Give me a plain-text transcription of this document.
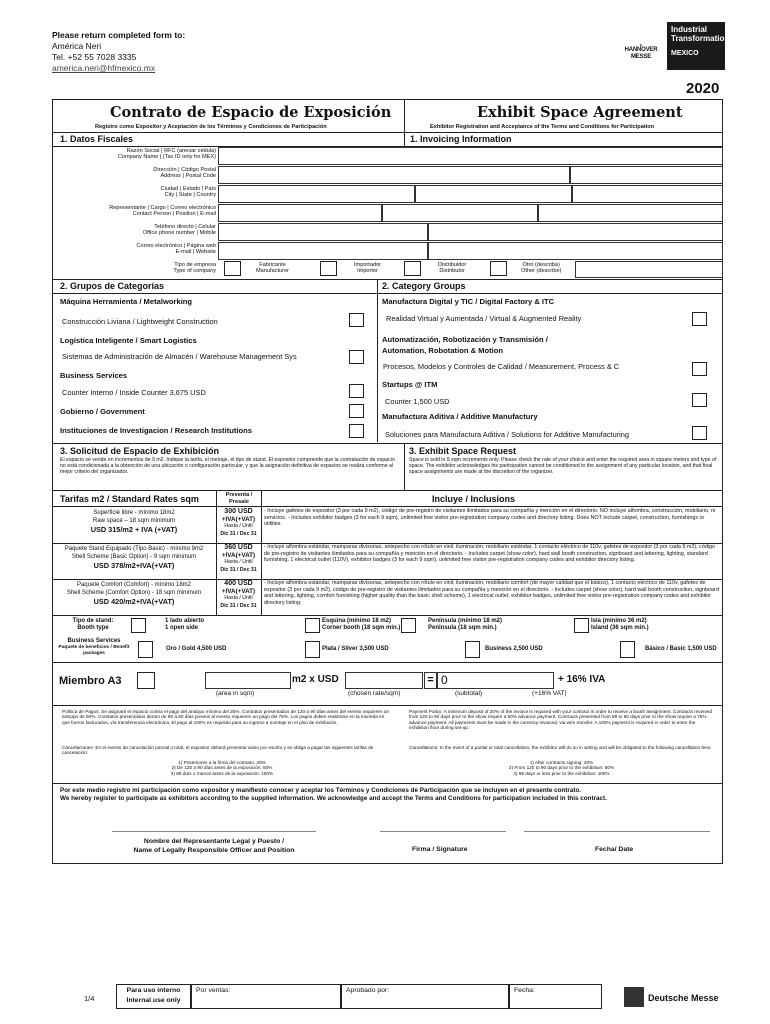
Please return completed form to:
América Neri
Tel. +52 55 7028 3335
america.neri@hfmexico.mx
▮
HANNOVER MESSE
Industrial Transformation
MEXICO
2020
Contrato de Espacio de Exposición	Exhibit Space Agreement
Registro como Expositor y Aceptación de los Términos y Condiciones de Participación	Exhibitor Registration and Acceptance of the Terms and Conditions for Participation
1. Datos Fiscales	1. Invoicing Information
Razón Social | RFC (anexar cédula)
Company Name | (Tax ID only for MEX)
Dirección | Código Postal
Address | Postal Code
Ciudad | Estado | País
City | State | Country
Representante | Cargo | Correo electrónico
Contact Person | Position | E-mail
Teléfono directo | Celular
Office phone number | Mobile
Correo electrónico | Página web
E-mail | Website
Tipo de empresa
Type of company
Fabricante
Manufacturer
Importador
Importer
Distribuidor
Distributor
Otro (describa)
Other (describe)
2. Grupos de Categorías	2. Category Groups
Máquina Herramienta / Metalworking
Construcción Liviana / Lightweight Construction
Logística Inteligente / Smart Logistics
Sistemas de Administración de Almacén / Warehouse Management Sys
Business Services
Counter Interno / Inside Counter 3,675 USD
Gobierno / Government
Instituciones de Investigacion / Research Institutions
Manufactura Digital y TIC / Digital Factory & ITC
Realidad Virtual y Aumentada / Virtual & Augmented Reality
Automatización, Robotización y Transmisión /
Automation, Robotation & Motion
Procesos, Modelos y Controles de Calidad / Measurement, Process & C
Startups @ ITM
Counter 1,500 USD
Manufactura Aditiva / Additive Manufactury
Soluciones para Manufactura Aditiva / Solutions for Additive Manufacturing
3. Solicitud de Espacio de Exhibición	3. Exhibit Space Request
El espacio se vende en incrementos de 9 m2. Indique la tarifa, el metraje, el tipo de stand. El expositor comprende que la contratación de espacio no está condicionada a la obtención de una ubicación o configuración particular, y que la asignación definitiva de espacios se realiza conforme al mejor criterio del organizador.
Space is sold in 9 sqm increments only. Please check the rate of your choice and enter the required area in square meters and type of space. The exhibitor acknowledges his participation cannot be conditioned to the assignment of any particular location, and that final space assignments are made at the discretion of the organizer.
Tarifas m2 / Standard Rates sqm	Preventa / Presale	Incluye / Inclusions
Superficie libre - mínimo 18m2
Raw space – 18 sqm minimum
USD 315/m2 + IVA (+VAT)
300 USD
+IVA(+VAT)
Hasta / Until
Dic 31 / Dec 31
- Incluye gafetes de expositor (3 por cada 9 m2), código de pre-registro de visitantes ilimitados para su compañía y mención en el directorio. NO incluye alfombra, construcción, mobiliario, ni servicios. - Includes exhibitor badges (3 for each 9 sqm), unlimited free visitor pre-registration company codes and directory listing. Does NOT include carpet, construction, furnishings or utilities.
Paquete Stand Equipado (Tipo Basic) - mínimo 9m2
Shell Scheme (Basic Option) - 9 sqm minimum
USD 378/m2+IVA(+VAT)
360 USD
+IVA(+VAT)
Hasta / Until
Dic 31 / Dec 31
- Incluye alfombra estándar, mamparas divisorias, antepecho con rótulo en vinil, iluminación, mobiliario estándar, 1 contacto eléctrico de 110v, gafetes de expositor (3 por cada 9 m2), código de pre-registro de visitantes ilimitados para su compañía y mención en el directorio. - Includes carpet (show color), hard wall booth construction, signboard and lettering, lighting, standard furnishing, 1 electrical outlet (110V), exhibitor badges (3 for each 9 sqm), unlimited free visitor pre-registration company codes and exhibitor directory listing.
Paquete Comfort (Comfort) - mínimo 18m2
Shell Scheme (Comfort Option) - 18 sqm minimum
USD 420/m2+IVA(+VAT)
400 USD
+IVA(+VAT)
Hasta / Until
Dic 31 / Dec 31
- Incluye alfombra estándar, mamparas divisorias, antepecho con rótulo en vinil, iluminación, mobiliario comfort (de mayor calidad que el básico), 1 contacto eléctrico de 110v, gafetes de expositor (3 por cada 9 m2), código de pre-registro de visitantes ilimitados para su compañía y mención en el directorio. - Includes carpet (show color), hard wall booth construction, signboard and lettering, lighting, comfort furnishing (higher quality than the basic shell scheme), 1 electrical outlet, exhibitor badges, unlimited free visitor pre-registration company codes and exhibitor directory listing.
Tipo de stand:
Booth type
1 lado abierto
1 open side
Esquina (mínimo 18 m2)
Corner booth (18 sqm min.)
Península (mínimo 18 m2)
Peninsula (18 sqm min.)
Isla (mínimo 36 m2)
Island (36 sqm min.)
Business Services
Paquete de beneficios / Benefit packages
Oro / Gold 4,500 USD	Plata / Silver 3,500 USD	Business 2,500 USD	Básico / Basic 1,500 USD
Miembro A3	m2 x USD	= 0	+ 16% IVA
(area in sqm)	(chosen rate/sqm)	(subtotal)	(+16% VAT)
Política de Pagos: Se asignará el espacio contra el pago del anticipo mínimo del 20%. Contratos presentados de 120 a 90 días antes del evento requieren un anticipo de 50%. Contratos presentados dentro de 89 a 60 días previos al evento requieren un pago del 75%. Los pagos deben realizarse en la moneda en que fueron facturados, vía transferencia electrónica. El pago al 100% es requisito para su ingreso a montaje en el piso de exhibición.
Payment Policy: A minimum deposit of 20% of the invoice is required with your contract in order to receive a booth assignment. Contracts received from 120 to 90 days prior to the show require a 50% advance payment. Contracts presented from 89 to 60 days prior to the show require a 75% advance payment. All payments must be made in the currency invoiced, via wire transfer. A 100% payment is required in order to enter the exhibition floor during set-up.
Cancelaciones: En el evento de cancelación parcial o total, el expositor deberá presentar aviso por escrito y se obliga a pagar las siguientes tarifas de cancelación:
1) Posteriores a la firma del contrato: 20%
2) De 120 a 90 días antes de la exposición: 50%
3) 89 días o menos antes de la exposición: 100%
Cancellations: In the event of a partial or total cancellation, the exhibitor will do so in writing and will be obligated to the following cancellation fees:
1) After contracts signing: 20%
2) From 120 to 90 days prior to the exhibition: 50%
3) 89 days or less prior to the exhibition: 100%
Por este medio registro mi participación como expositor y manifiesto conocer y aceptar los Términos y Condiciones de Participación que se incluyen en el presente contrato.
We hereby register to participate as exhibitors according to the supplied information. We acknowledge and accept the Terms and Conditions for participation included in this contract.
Nombre del Representante Legal y Puesto /
Name of Legally Responsible Officer and Position	Firma / Signature	Fecha/ Date
1/4
Para uso interno
Internal use only
Por ventas:	Aprobado por:	Fecha:
Deutsche Messe
